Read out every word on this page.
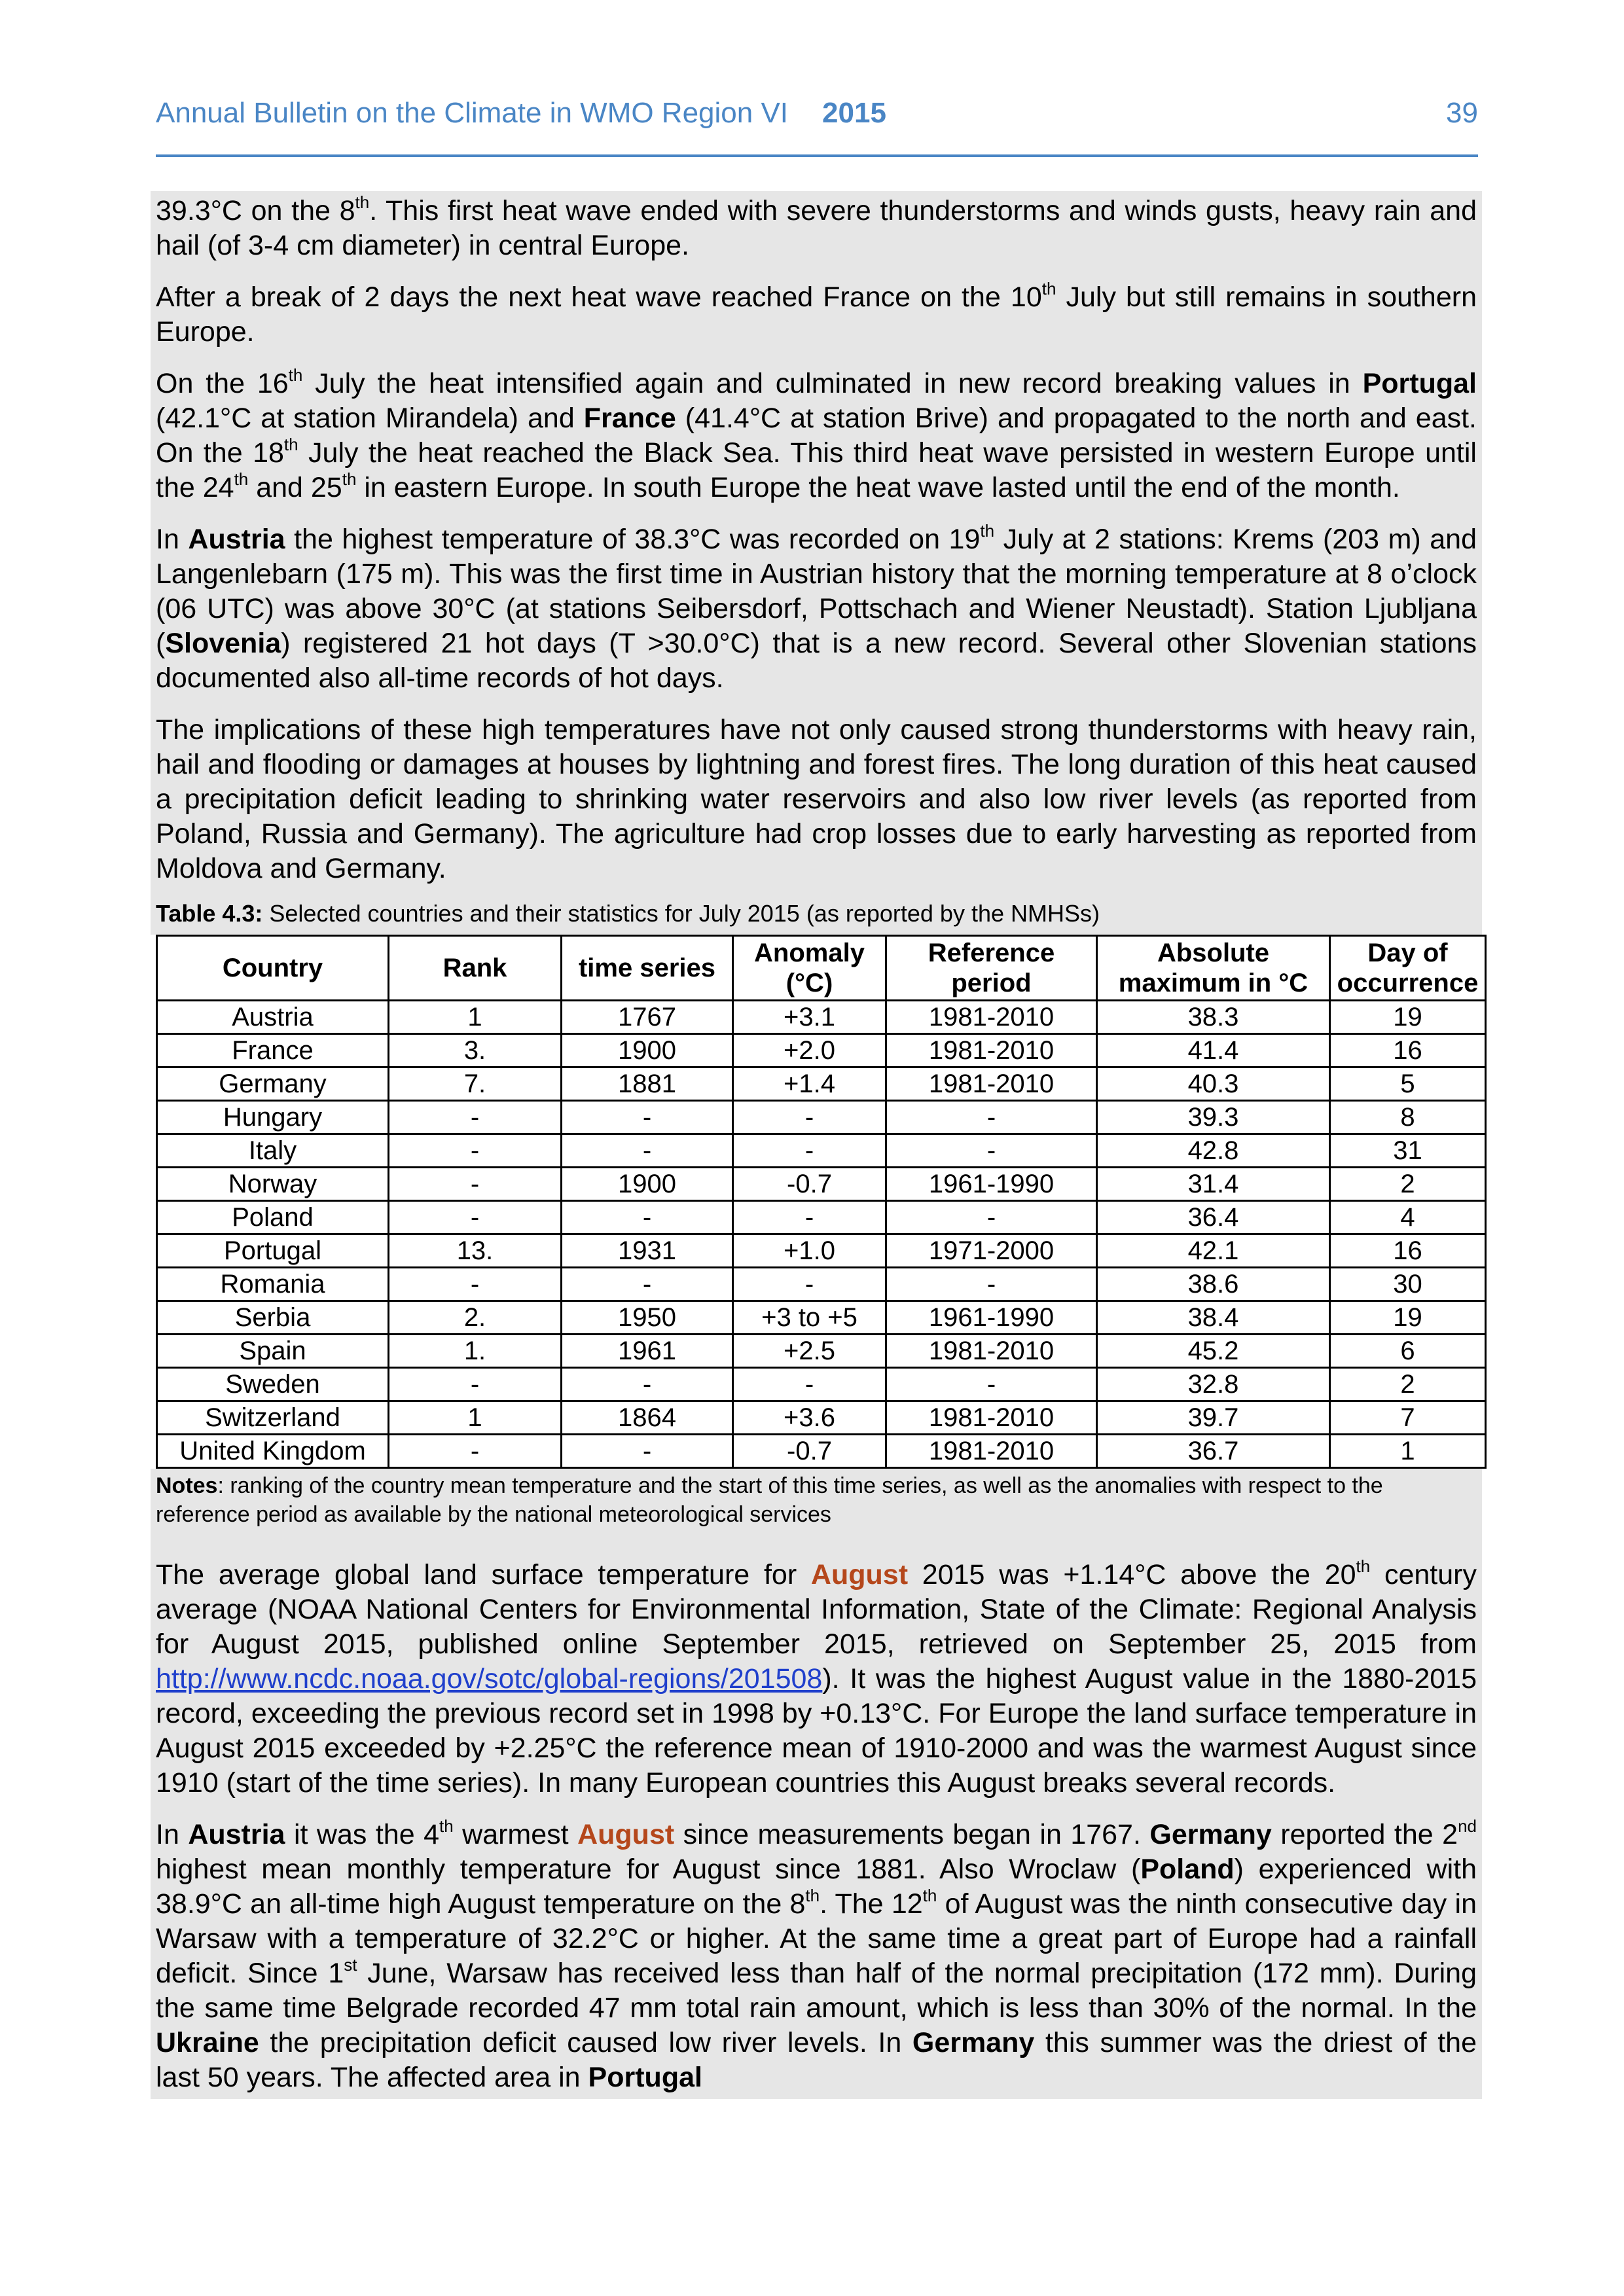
Annual Bulletin on the Climate in WMO Region VI 2015	39

39.3°C on the 8th. This first heat wave ended with severe thunderstorms and winds gusts, heavy rain and hail (of 3-4 cm diameter) in central Europe.

After a break of 2 days the next heat wave reached France on the 10th July but still remains in southern Europe.

On the 16th July the heat intensified again and culminated in new record breaking values in Portugal (42.1°C at station Mirandela) and France (41.4°C at station Brive) and propagated to the north and east. On the 18th July the heat reached the Black Sea. This third heat wave persisted in western Europe until the 24th and 25th in eastern Europe. In south Europe the heat wave lasted until the end of the month.

In Austria the highest temperature of 38.3°C was recorded on 19th July at 2 stations: Krems (203 m) and Langenlebarn (175 m). This was the first time in Austrian history that the morning temperature at 8 o’clock (06 UTC) was above 30°C (at stations Seibersdorf, Pottschach and Wiener Neustadt). Station Ljubljana (Slovenia) registered 21 hot days (T >30.0°C) that is a new record. Several other Slovenian stations documented also all-time records of hot days.

The implications of these high temperatures have not only caused strong thunderstorms with heavy rain, hail and flooding or damages at houses by lightning and forest fires. The long duration of this heat caused a precipitation deficit leading to shrinking water reservoirs and also low river levels (as reported from Poland, Russia and Germany). The agriculture had crop losses due to early harvesting as reported from Moldova and Germany.

Table 4.3: Selected countries and their statistics for July 2015 (as reported by the NMHSs)
Country	Rank	time series	Anomaly (°C)	Reference period	Absolute maximum in °C	Day of occurrence
Austria	1	1767	+3.1	1981-2010	38.3	19
France	3.	1900	+2.0	1981-2010	41.4	16
Germany	7.	1881	+1.4	1981-2010	40.3	5
Hungary	-	-	-	-	39.3	8
Italy	-	-	-	-	42.8	31
Norway	-	1900	-0.7	1961-1990	31.4	2
Poland	-	-	-	-	36.4	4
Portugal	13.	1931	+1.0	1971-2000	42.1	16
Romania	-	-	-	-	38.6	30
Serbia	2.	1950	+3 to +5	1961-1990	38.4	19
Spain	1.	1961	+2.5	1981-2010	45.2	6
Sweden	-	-	-	-	32.8	2
Switzerland	1	1864	+3.6	1981-2010	39.7	7
United Kingdom	-	-	-0.7	1981-2010	36.7	1
Notes: ranking of the country mean temperature and the start of this time series, as well as the anomalies with respect to the reference period as available by the national meteorological services

The average global land surface temperature for August 2015 was +1.14°C above the 20th century average (NOAA National Centers for Environmental Information, State of the Climate: Regional Analysis for August 2015, published online September 2015, retrieved on September 25, 2015 from http://www.ncdc.noaa.gov/sotc/global-regions/201508). It was the highest August value in the 1880-2015 record, exceeding the previous record set in 1998 by +0.13°C. For Europe the land surface temperature in August 2015 exceeded by +2.25°C the reference mean of 1910-2000 and was the warmest August since 1910 (start of the time series). In many European countries this August breaks several records.

In Austria it was the 4th warmest August since measurements began in 1767. Germany reported the 2nd highest mean monthly temperature for August since 1881. Also Wroclaw (Poland) experienced with 38.9°C an all-time high August temperature on the 8th. The 12th of August was the ninth consecutive day in Warsaw with a temperature of 32.2°C or higher. At the same time a great part of Europe had a rainfall deficit. Since 1st June, Warsaw has received less than half of the normal precipitation (172 mm). During the same time Belgrade recorded 47 mm total rain amount, which is less than 30% of the normal. In the Ukraine the precipitation deficit caused low river levels. In Germany this summer was the driest of the last 50 years. The affected area in Portugal
